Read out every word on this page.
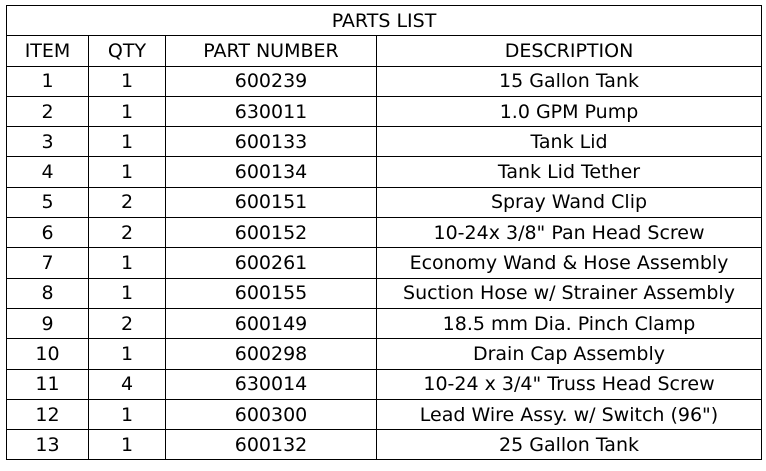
PARTS LIST			
ITEM	QTY	PART NUMBER	DESCRIPTION
1	1	600239	15 Gallon Tank
2	1	630011	1.0 GPM Pump
3	1	600133	Tank Lid
4	1	600134	Tank Lid Tether
5	2	600151	Spray Wand Clip
6	2	600152	10-24x 3/8" Pan Head Screw
7	1	600261	Economy Wand & Hose Assembly
8	1	600155	Suction Hose w/ Strainer Assembly
9	2	600149	18.5 mm Dia. Pinch Clamp
10	1	600298	Drain Cap Assembly
11	4	630014	10-24 x 3/4" Truss Head Screw
12	1	600300	Lead Wire Assy. w/ Switch (96")
13	1	600132	25 Gallon Tank
